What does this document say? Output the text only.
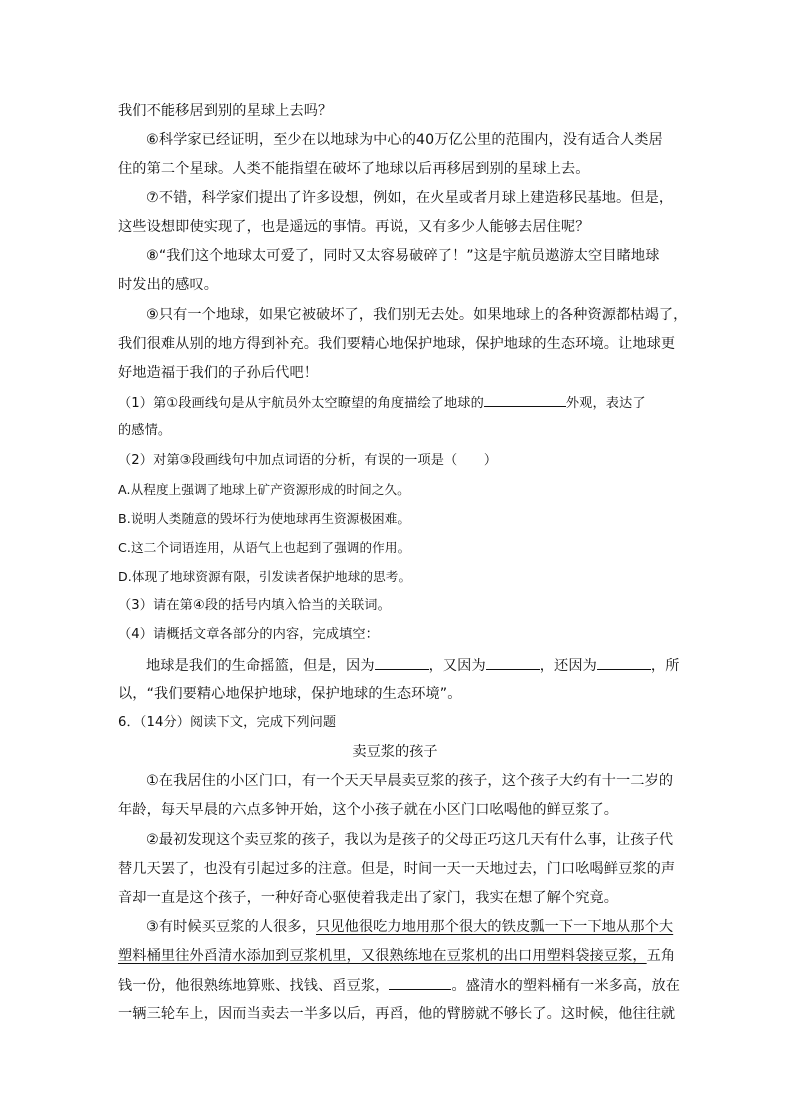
我们不能移居到别的星球上去吗？
⑥科学家已经证明，至少在以地球为中心的40万亿公里的范围内，没有适合人类居
住的第二个星球。人类不能指望在破坏了地球以后再移居到别的星球上去。
⑦不错，科学家们提出了许多设想，例如，在火星或者月球上建造移民基地。但是，
这些设想即使实现了，也是遥远的事情。再说，又有多少人能够去居住呢？
⑧“我们这个地球太可爱了，同时又太容易破碎了！”这是宇航员遨游太空目睹地球
时发出的感叹。
⑨只有一个地球，如果它被破坏了，我们别无去处。如果地球上的各种资源都枯竭了，
我们很难从别的地方得到补充。我们要精心地保护地球，保护地球的生态环境。让地球更
好地造福于我们的子孙后代吧！
（1）第①段画线句是从宇航员外太空瞭望的角度描绘了地球的	外观，表达了
的感情。
（2）对第③段画线句中加点词语的分析，有误的一项是（　　）
A.从程度上强调了地球上矿产资源形成的时间之久。
B.说明人类随意的毁坏行为使地球再生资源极困难。
C.这二个词语连用，从语气上也起到了强调的作用。
D.体现了地球资源有限，引发读者保护地球的思考。
（3）请在第④段的括号内填入恰当的关联词。
（4）请概括文章各部分的内容，完成填空：
地球是我们的生命摇篮，但是，因为	，又因为	，还因为	，所
以，“我们要精心地保护地球，保护地球的生态环境”。
6．（14分）阅读下文，完成下列问题
卖豆浆的孩子
①在我居住的小区门口，有一个天天早晨卖豆浆的孩子，这个孩子大约有十一二岁的
年龄，每天早晨的六点多钟开始，这个小孩子就在小区门口吆喝他的鲜豆浆了。
②最初发现这个卖豆浆的孩子，我以为是孩子的父母正巧这几天有什么事，让孩子代
替几天罢了，也没有引起过多的注意。但是，时间一天一天地过去，门口吆喝鲜豆浆的声
音却一直是这个孩子，一种好奇心驱使着我走出了家门，我实在想了解个究竟。
③有时候买豆浆的人很多，只见他很吃力地用那个很大的铁皮瓢一下一下地从那个大
塑料桶里往外舀清水添加到豆浆机里，又很熟练地在豆浆机的出口用塑料袋接豆浆，五角
钱一份，他很熟练地算账、找钱、舀豆浆，	。盛清水的塑料桶有一米多高，放在
一辆三轮车上，因而当卖去一半多以后，再舀，他的臂膀就不够长了。这时候，他往往就
